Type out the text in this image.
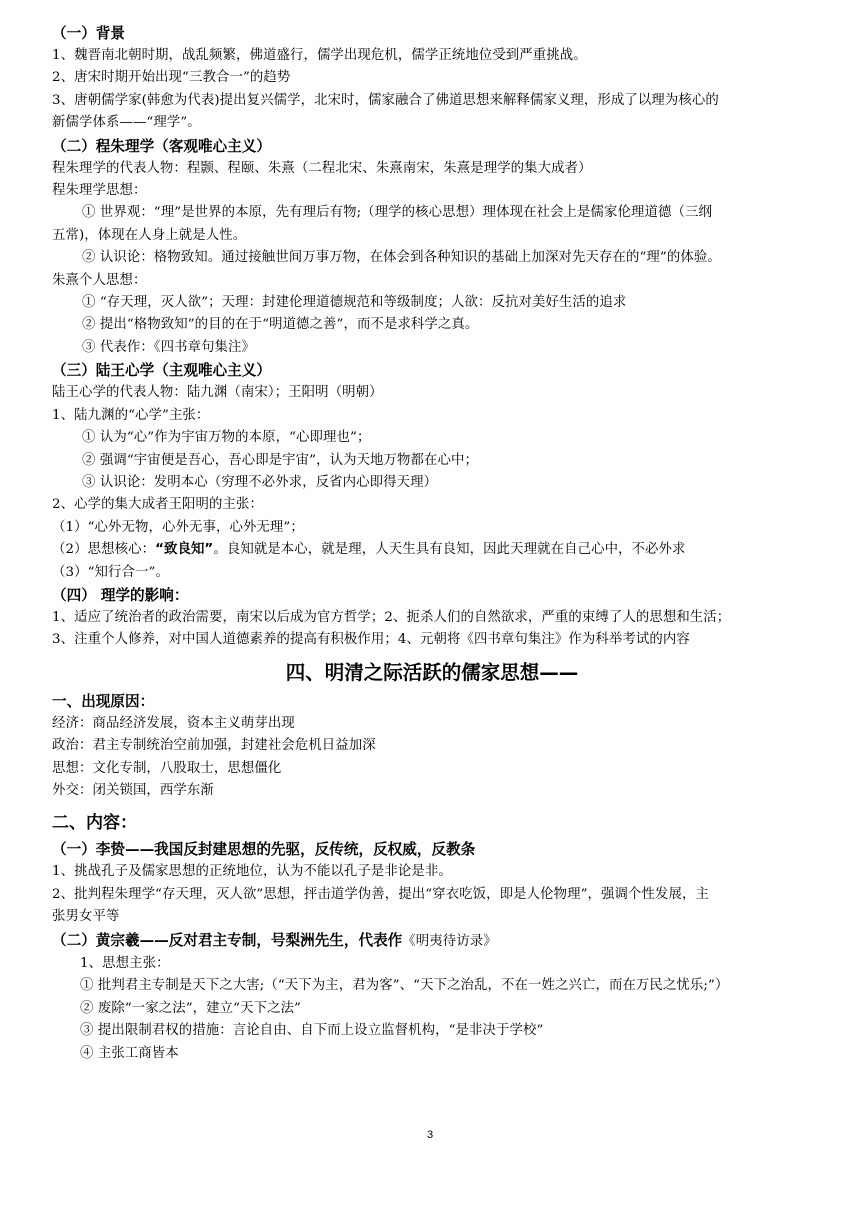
（一）背景
1、魏晋南北朝时期，战乱频繁，佛道盛行，儒学出现危机，儒学正统地位受到严重挑战。
2、唐宋时期开始出现“三教合一”的趋势
3、唐朝儒学家(韩愈为代表)提出复兴儒学，北宋时，儒家融合了佛道思想来解释儒家义理，形成了以理为核心的
新儒学体系——“理学”。
（二）程朱理学（客观唯心主义）
程朱理学的代表人物：程颢、程颐、朱熹（二程北宋、朱熹南宋，朱熹是理学的集大成者）
程朱理学思想：
① 世界观：“理”是世界的本原，先有理后有物;（理学的核心思想）理体现在社会上是儒家伦理道德（三纲
五常)，体现在人身上就是人性。
② 认识论：格物致知。通过接触世间万事万物，在体会到各种知识的基础上加深对先天存在的“理”的体验。
朱熹个人思想：
① “存天理，灭人欲”；天理：封建伦理道德规范和等级制度；人欲：反抗对美好生活的追求
② 提出“格物致知”的目的在于“明道德之善”，而不是求科学之真。
③ 代表作：《四书章句集注》
（三）陆王心学（主观唯心主义）
陆王心学的代表人物：陆九渊（南宋）；王阳明（明朝）
1、陆九渊的“心学”主张：
① 认为“心”作为宇宙万物的本原，“心即理也”；
② 强调“宇宙便是吾心，吾心即是宇宙”，认为天地万物都在心中；
③ 认识论：发明本心（穷理不必外求，反省内心即得天理）
2、心学的集大成者王阳明的主张：
（1）“心外无物，心外无事，心外无理”；
（2）思想核心：“致良知”。良知就是本心，就是理，人天生具有良知，因此天理就在自己心中，不必外求
（3）“知行合一”。
（四） 理学的影响：
1、适应了统治者的政治需要，南宋以后成为官方哲学；2、扼杀人们的自然欲求，严重的束缚了人的思想和生活；
3、注重个人修养，对中国人道德素养的提高有积极作用；4、元朝将《四书章句集注》作为科举考试的内容
四、明清之际活跃的儒家思想——
一、出现原因：
经济：商品经济发展，资本主义萌芽出现
政治：君主专制统治空前加强，封建社会危机日益加深
思想：文化专制，八股取士，思想僵化
外交：闭关锁国，西学东渐
二、内容：
（一）李贽——我国反封建思想的先驱，反传统，反权威，反教条
1、挑战孔子及儒家思想的正统地位，认为不能以孔子是非论是非。
2、批判程朱理学“存天理，灭人欲”思想，抨击道学伪善，提出“穿衣吃饭，即是人伦物理”，强调个性发展，主
张男女平等
（二）黄宗羲——反对君主专制，号梨洲先生，代表作《明夷待访录》
1、思想主张：
① 批判君主专制是天下之大害;（“天下为主，君为客”、“天下之治乱，不在一姓之兴亡，而在万民之忧乐;”）
② 废除“一家之法”，建立“天下之法”
③ 提出限制君权的措施：言论自由、自下而上设立监督机构，“是非决于学校”
④ 主张工商皆本
3
